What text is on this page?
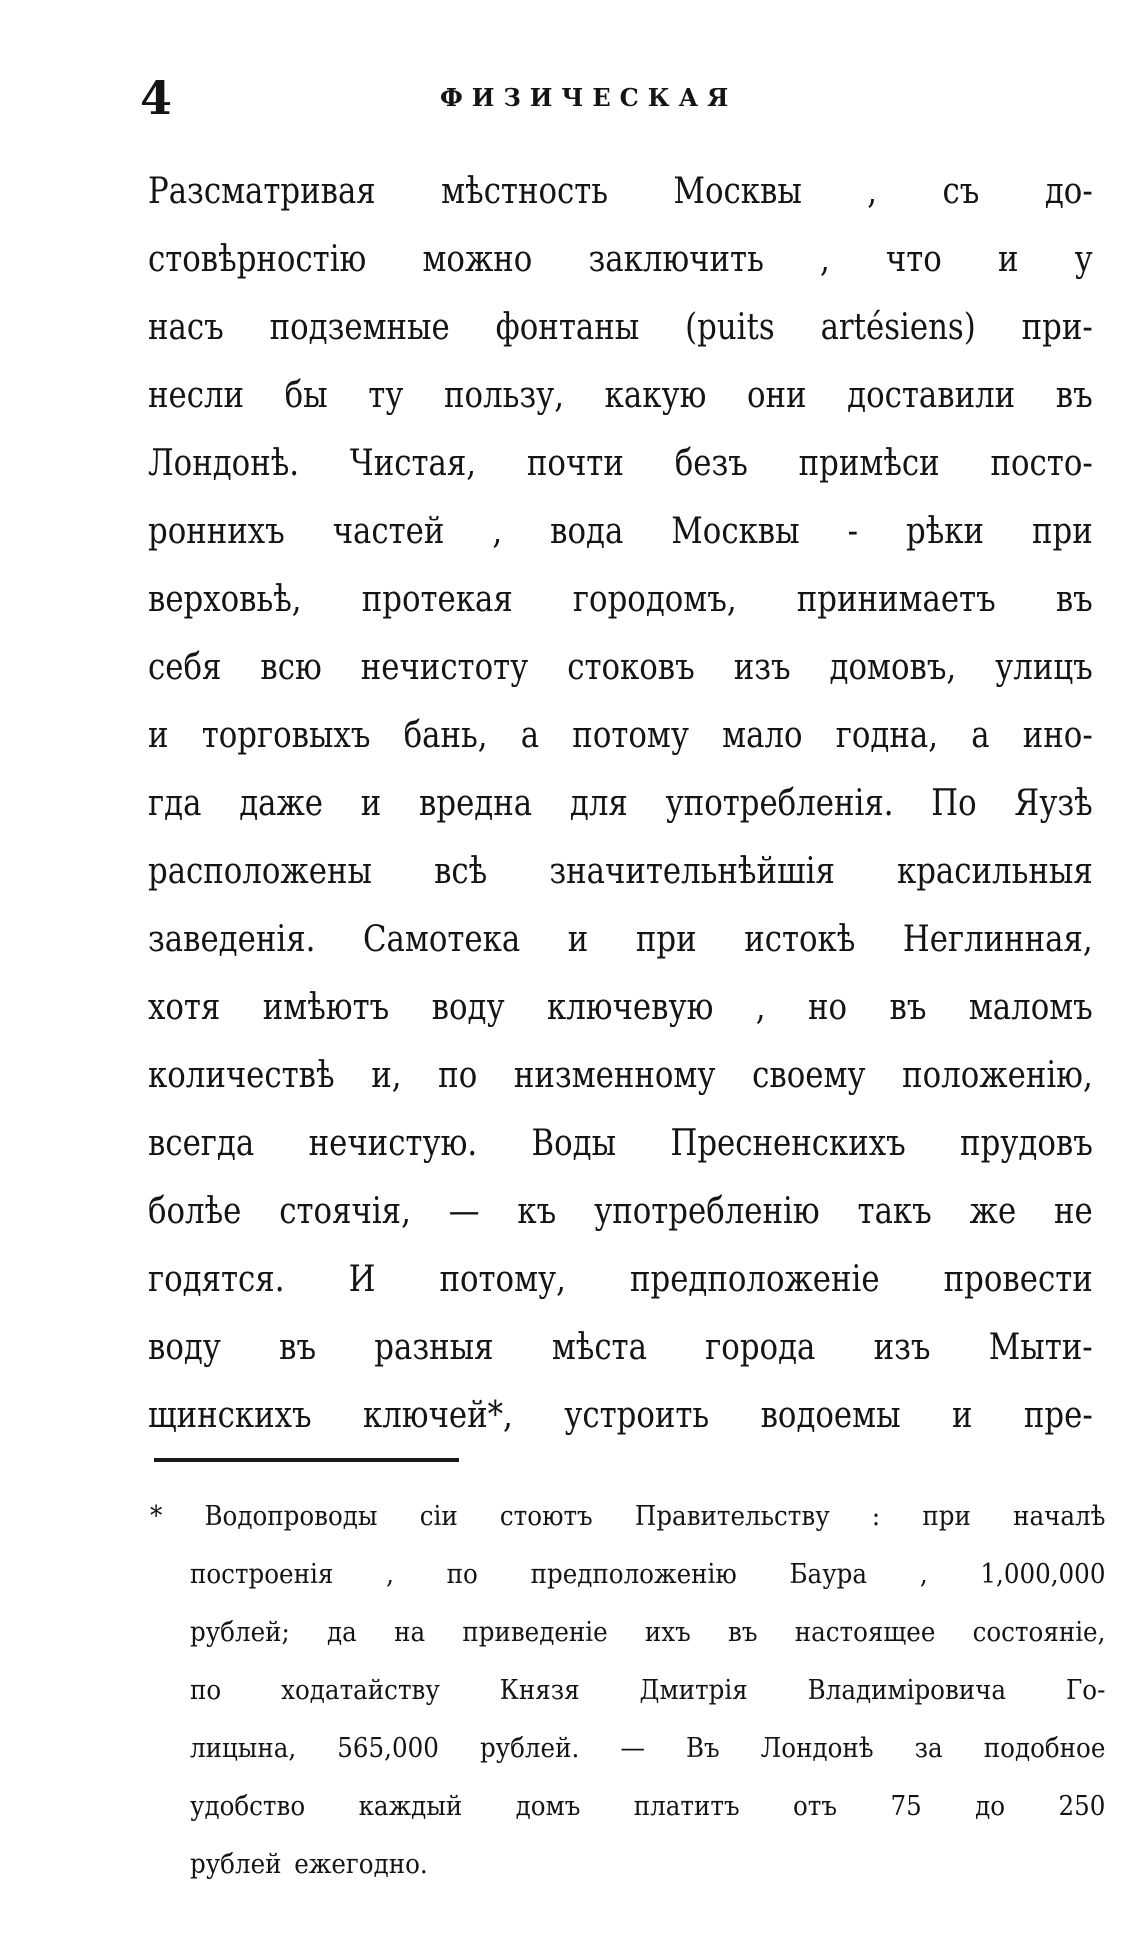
4	ФИЗИЧЕСКАЯ
Разсматривая мѣстность Москвы , съ до-
стовѣрностію можно заключить , что и у
насъ подземные фонтаны (puits artésiens) при-
несли бы ту пользу, какую они доставили въ
Лондонѣ. Чистая, почти безъ примѣси посто-
роннихъ частей , вода Москвы - рѣки при
верховьѣ, протекая городомъ, принимаетъ въ
себя всю нечистоту стоковъ изъ домовъ, улицъ
и торговыхъ бань, а потому мало годна, а ино-
гда даже и вредна для употребленія. По Яузѣ
расположены всѣ значительнѣйшія красильныя
заведенія. Самотека и при истокѣ Неглинная,
хотя имѣютъ воду ключевую , но въ маломъ
количествѣ и, по низменному своему положенію,
всегда нечистую. Воды Пресненскихъ прудовъ
болѣе стоячія, — къ употребленію такъ же не
годятся. И потому, предположеніе провести
воду въ разныя мѣста города изъ Мыти-
щинскихъ ключей*, устроить водоемы и пре-
* Водопроводы сіи стоютъ Правительству : при началѣ
построенія , по предположенію Баура , 1,000,000
рублей; да на приведеніе ихъ въ настоящее состояніе,
по ходатайству Князя Дмитрія Владиміровича Го-
лицына, 565,000 рублей. — Въ Лондонѣ за подобное
удобство каждый домъ платитъ отъ 75 до 250
рублей ежегодно.
